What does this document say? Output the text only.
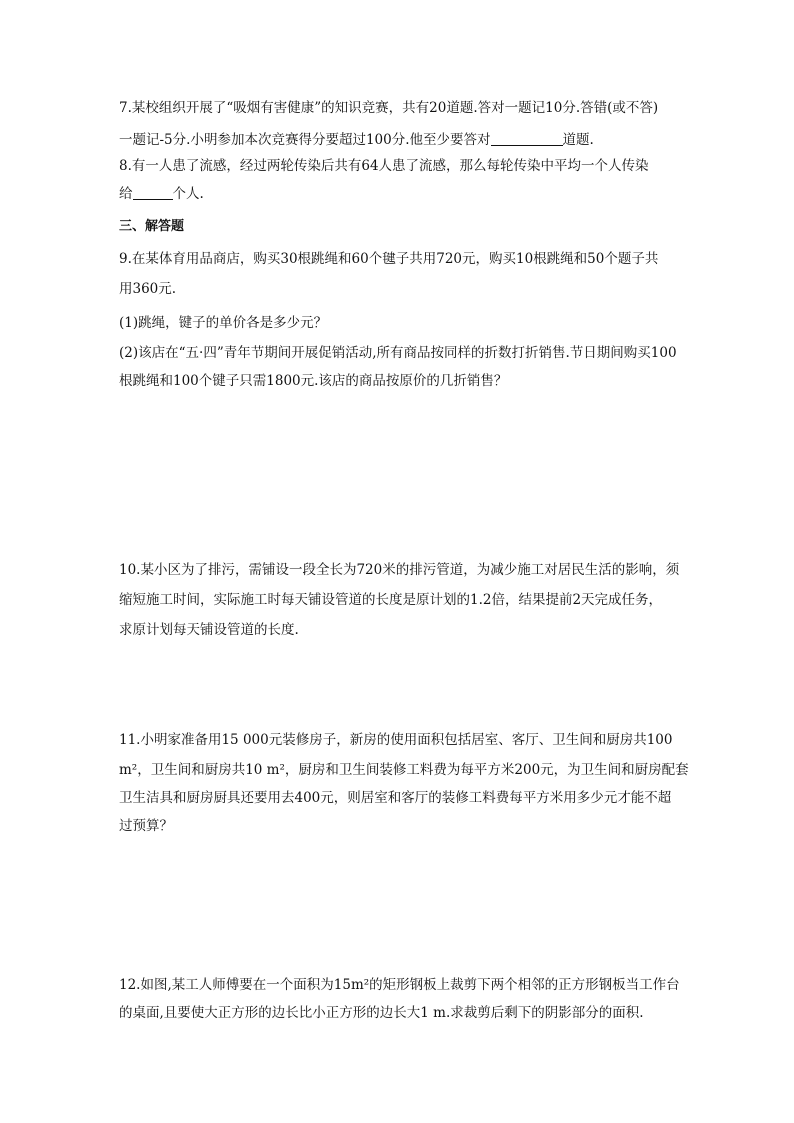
7.某校组织开展了“吸烟有害健康”的知识竞赛，共有20道题.答对一题记10分.答错(或不答)
一题记-5分.小明参加本次竞赛得分要超过100分.他至少要答对	道题.
8.有一人患了流感，经过两轮传染后共有64人患了流感，那么每轮传染中平均一个人传染
给	个人.
三、解答题
9.在某体育用品商店，购买30根跳绳和60个毽子共用720元，购买10根跳绳和50个题子共
用360元.
(1)跳绳，键子的单价各是多少元？
(2)该店在“五·四”青年节期间开展促销活动,所有商品按同样的折数打折销售.节日期间购买100
根跳绳和100个键子只需1800元.该店的商品按原价的几折销售？
10.某小区为了排污，需铺设一段全长为720米的排污管道，为减少施工对居民生活的影响，须
缩短施工时间，实际施工时每天铺设管道的长度是原计划的1.2倍，结果提前2天完成任务，
求原计划每天铺设管道的长度.
11.小明家准备用15 000元装修房子，新房的使用面积包括居室、客厅、卫生间和厨房共100
m²，卫生间和厨房共10 m²，厨房和卫生间装修工料费为每平方米200元，为卫生间和厨房配套
卫生洁具和厨房厨具还要用去400元，则居室和客厅的装修工料费每平方米用多少元才能不超
过预算？
12.如图,某工人师傅要在一个面积为15m²的矩形钢板上裁剪下两个相邻的正方形钢板当工作台
的桌面,且要使大正方形的边长比小正方形的边长大1 m.求裁剪后剩下的阴影部分的面积.
